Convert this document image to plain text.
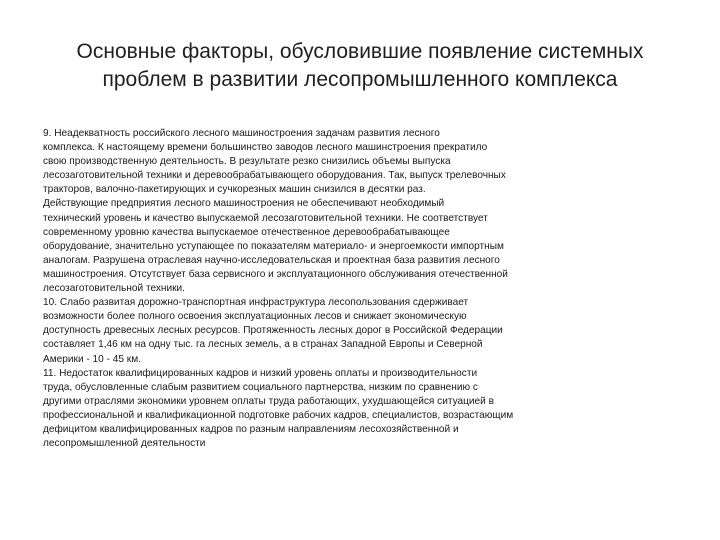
Основные факторы, обусловившие появление системных
проблем в развитии лесопромышленного комплекса
9. Неадекватность российского лесного машиностроения задачам развития лесного
комплекса. К настоящему времени большинство заводов лесного машинстроения прекратило
свою производственную деятельность. В результате резко снизились объемы выпуска
лесозаготовительной техники и деревообрабатывающего оборудования. Так, выпуск трелевочных
тракторов, валочно-пакетирующих и сучкорезных машин снизился в десятки раз.
Действующие предприятия лесного машиностроения не обеспечивают необходимый
технический уровень и качество выпускаемой лесозаготовительной техники. Не соответствует
современному уровню качества выпускаемое отечественное деревообрабатывающее
оборудование, значительно уступающее по показателям материало- и энергоемкости импортным
аналогам. Разрушена отраслевая научно-исследовательская и проектная база развития лесного
машиностроения. Отсутствует база сервисного и эксплуатационного обслуживания отечественной
лесозаготовительной техники.
10. Слабо развитая дорожно-транспортная инфраструктура лесопользования сдерживает
возможности более полного освоения эксплуатационных лесов и снижает экономическую
доступность древесных лесных ресурсов. Протяженность лесных дорог в Российской Федерации
составляет 1,46 км на одну тыс. га лесных земель, а в странах Западной Европы и Северной
Америки - 10 - 45 км.
11. Недостаток квалифицированных кадров и низкий уровень оплаты и производительности
труда, обусловленные слабым развитием социального партнерства, низким по сравнению с
другими отраслями экономики уровнем оплаты труда работающих, ухудшающейся ситуацией в
профессиональной и квалификационной подготовке рабочих кадров, специалистов, возрастающим
дефицитом квалифицированных кадров по разным направлениям лесохозяйственной и
лесопромышленной деятельности
